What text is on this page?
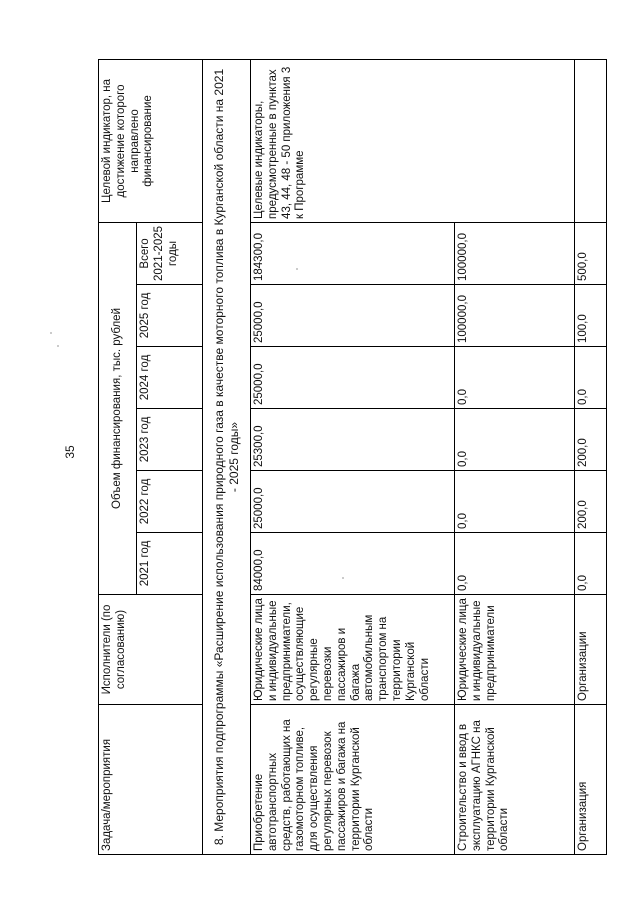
35
Задача/мероприятия	Исполнители (по согласованию)	Объем финансирования, тыс. рублей						Целевой индикатор, на достижение которого направлено финансирование
		2021 год	2022 год	2023 год	2024 год	2025 год	Всего 2021-2025 годы	
8. Мероприятия подпрограммы «Расширение использования природного газа в качестве моторного топлива в Курганской области на 2021 - 2025 годы»								
Приобретение автотранспортных средств, работающих на газомоторном топливе, для осуществления регулярных перевозок пассажиров и багажа на территории Курганской области	Юридические лица и индивидуальные предприниматели, осуществляющие регулярные перевозки пассажиров и багажа автомобильным транспортом на территории Курганской области	84000,0	25000,0	25300,0	25000,0	25000,0	184300,0	Целевые индикаторы, предусмотренные в пунктах 43, 44, 48 - 50 приложения 3 к Программе
Строительство и ввод в эксплуатацию АГНКС на территории Курганской области	Юридические лица и индивидуальные предприниматели	0,0	0,0	0,0	0,0	100000,0	100000,0	
Организация	Организации	0,0	200,0	200,0	0,0	100,0	500,0	
